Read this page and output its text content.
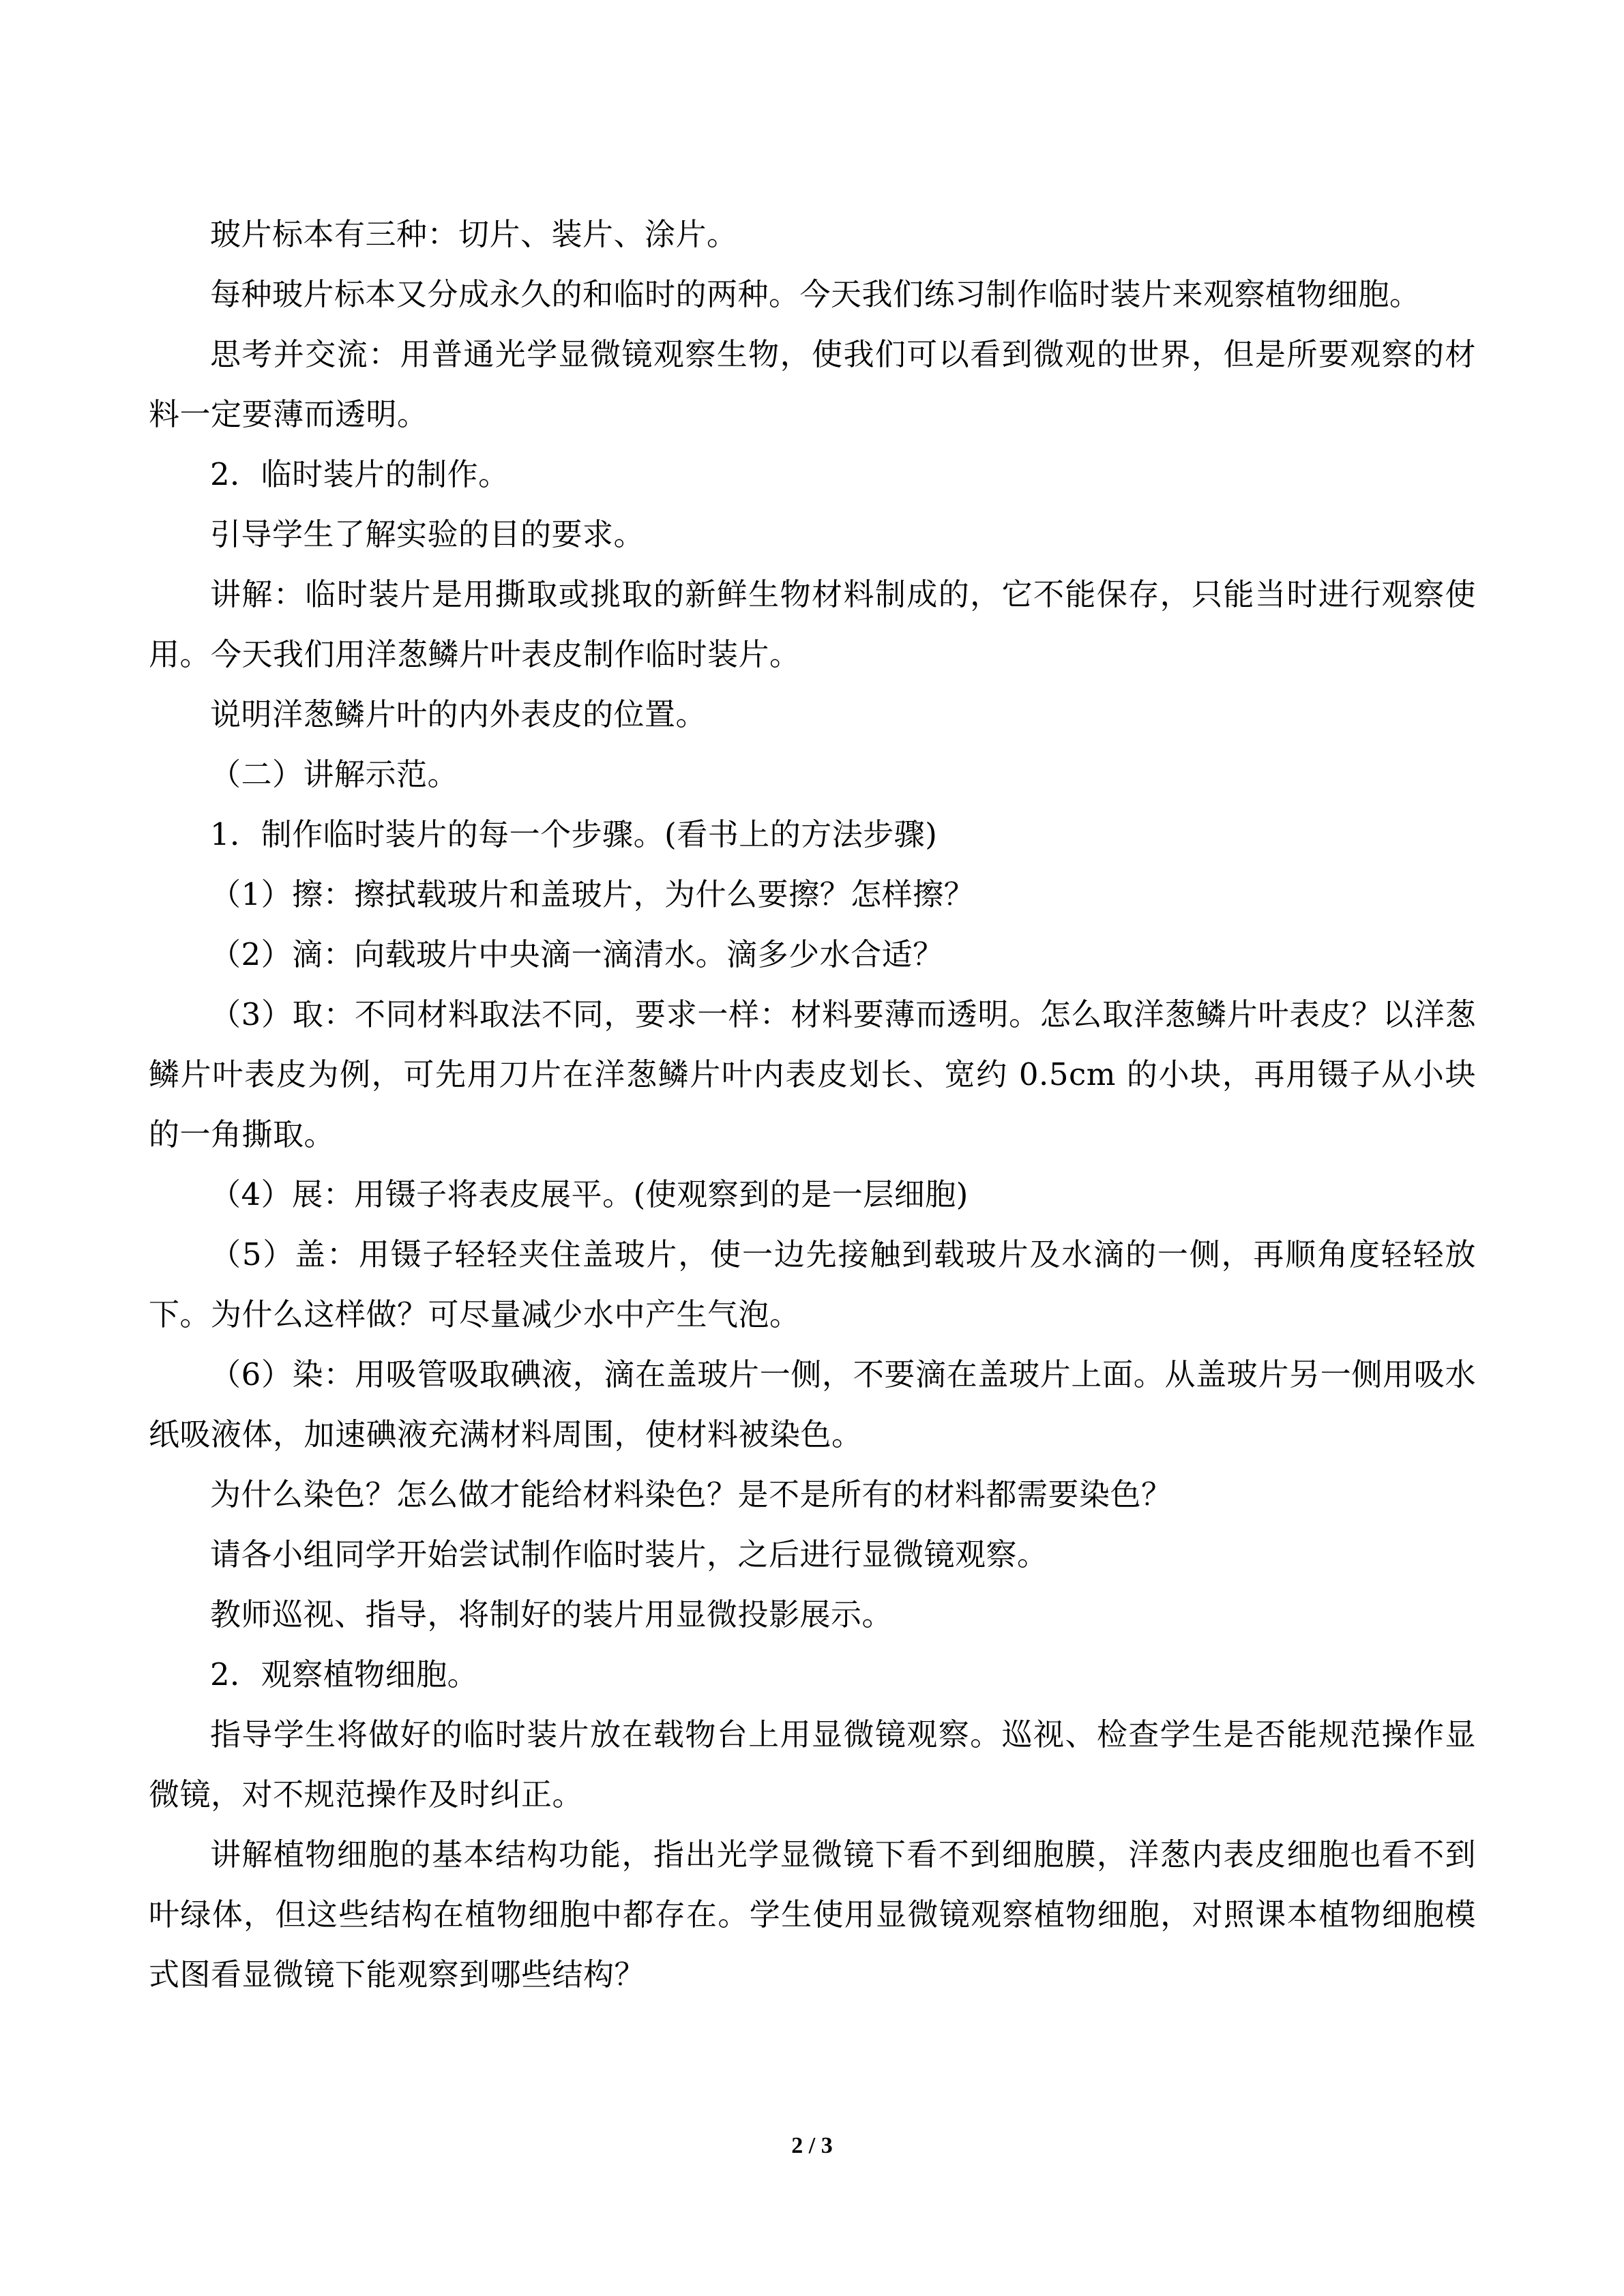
玻片标本有三种：切片、装片、涂片。

每种玻片标本又分成永久的和临时的两种。今天我们练习制作临时装片来观察植物细胞。

思考并交流：用普通光学显微镜观察生物，使我们可以看到微观的世界，但是所要观察的材料一定要薄而透明。

2．临时装片的制作。

引导学生了解实验的目的要求。

讲解：临时装片是用撕取或挑取的新鲜生物材料制成的，它不能保存，只能当时进行观察使用。今天我们用洋葱鳞片叶表皮制作临时装片。

说明洋葱鳞片叶的内外表皮的位置。

（二）讲解示范。

1．制作临时装片的每一个步骤。(看书上的方法步骤)

（1）擦：擦拭载玻片和盖玻片，为什么要擦？怎样擦？

（2）滴：向载玻片中央滴一滴清水。滴多少水合适？

（3）取：不同材料取法不同，要求一样：材料要薄而透明。怎么取洋葱鳞片叶表皮？以洋葱鳞片叶表皮为例，可先用刀片在洋葱鳞片叶内表皮划长、宽约 0.5cm 的小块，再用镊子从小块的一角撕取。

（4）展：用镊子将表皮展平。(使观察到的是一层细胞)

（5）盖：用镊子轻轻夹住盖玻片，使一边先接触到载玻片及水滴的一侧，再顺角度轻轻放下。为什么这样做？可尽量减少水中产生气泡。

（6）染：用吸管吸取碘液，滴在盖玻片一侧，不要滴在盖玻片上面。从盖玻片另一侧用吸水纸吸液体，加速碘液充满材料周围，使材料被染色。

为什么染色？怎么做才能给材料染色？是不是所有的材料都需要染色？

请各小组同学开始尝试制作临时装片，之后进行显微镜观察。

教师巡视、指导，将制好的装片用显微投影展示。

2．观察植物细胞。

指导学生将做好的临时装片放在载物台上用显微镜观察。巡视、检查学生是否能规范操作显微镜，对不规范操作及时纠正。

讲解植物细胞的基本结构功能，指出光学显微镜下看不到细胞膜，洋葱内表皮细胞也看不到叶绿体，但这些结构在植物细胞中都存在。学生使用显微镜观察植物细胞，对照课本植物细胞模式图看显微镜下能观察到哪些结构？

2 / 3
